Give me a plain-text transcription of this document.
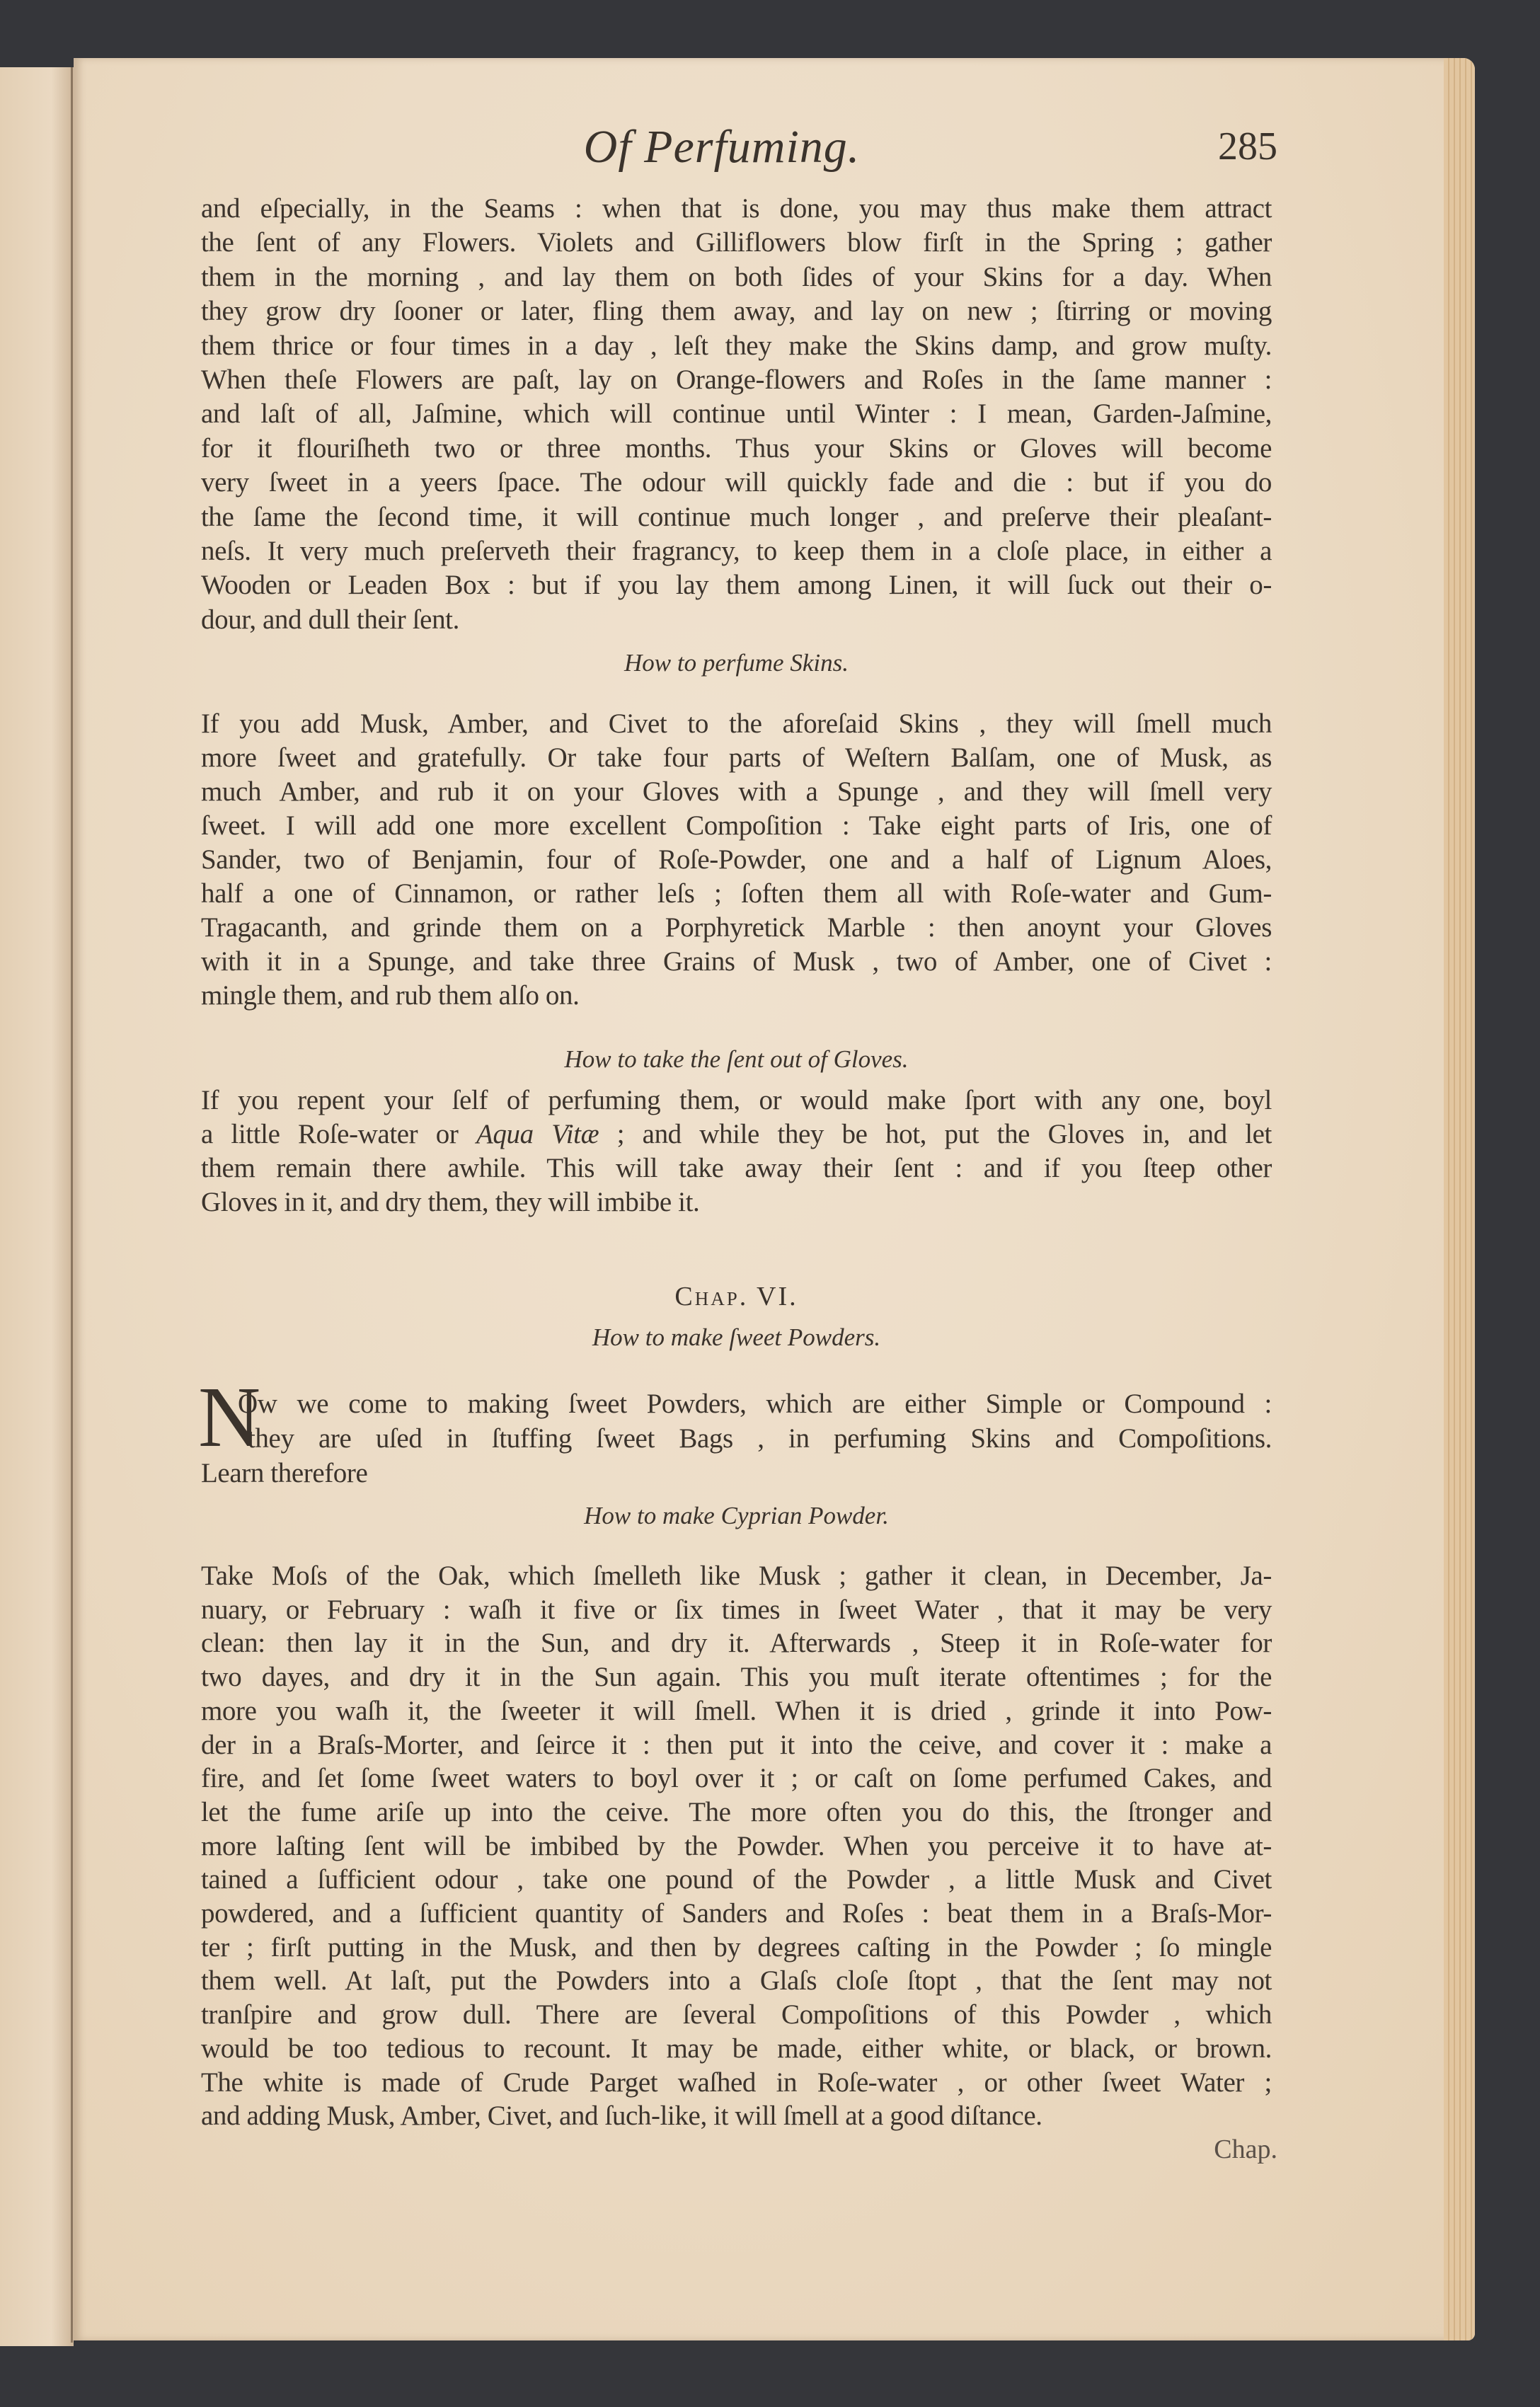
Of Perfuming.	285
How to perfume Skins.
How to take the ſent out of Gloves.
Chap. VI.
How to make ſweet Powders.
N
How to make Cyprian Powder.
Chap.
and eſpecially, in the Seams : when that is done, you may thus make them attract
the ſent of any Flowers. Violets and Gilliflowers blow firſt in the Spring ; gather
them in the morning , and lay them on both ſides of your Skins for a day. When
they grow dry ſooner or later, fling them away, and lay on new ; ſtirring or moving
them thrice or four times in a day , leſt they make the Skins damp, and grow muſty.
When theſe Flowers are paſt, lay on Orange-flowers and Roſes in the ſame manner :
and laſt of all, Jaſmine, which will continue until Winter : I mean, Garden-Jaſmine,
for it flouriſheth two or three months. Thus your Skins or Gloves will become
very ſweet in a yeers ſpace. The odour will quickly fade and die : but if you do
the ſame the ſecond time, it will continue much longer , and preſerve their pleaſant-
neſs. It very much preſerveth their fragrancy, to keep them in a cloſe place, in either a
Wooden or Leaden Box : but if you lay them among Linen, it will ſuck out their o-
dour, and dull their ſent.
If you add Musk, Amber, and Civet to the aforeſaid Skins , they will ſmell much
more ſweet and gratefully. Or take four parts of Weſtern Balſam, one of Musk, as
much Amber, and rub it on your Gloves with a Spunge , and they will ſmell very
ſweet. I will add one more excellent Compoſition : Take eight parts of Iris, one of
Sander, two of Benjamin, four of Roſe-Powder, one and a half of Lignum Aloes,
half a one of Cinnamon, or rather leſs ; ſoften them all with Roſe-water and Gum-
Tragacanth, and grinde them on a Porphyretick Marble : then anoynt your Gloves
with it in a Spunge, and take three Grains of Musk , two of Amber, one of Civet :
mingle them, and rub them alſo on.
If you repent your ſelf of perfuming them, or would make ſport with any one, boyl
a little Roſe-water or Aqua Vitæ ; and while they be hot, put the Gloves in, and let
them remain there awhile. This will take away their ſent : and if you ſteep other
Gloves in it, and dry them, they will imbibe it.
Ow we come to making ſweet Powders, which are either Simple or Compound :
they are uſed in ſtuffing ſweet Bags , in perfuming Skins and Compoſitions.
Learn therefore
Take Moſs of the Oak, which ſmelleth like Musk ; gather it clean, in December, Ja-
nuary, or February : waſh it five or ſix times in ſweet Water , that it may be very
clean: then lay it in the Sun, and dry it. Afterwards , Steep it in Roſe-water for
two dayes, and dry it in the Sun again. This you muſt iterate oftentimes ; for the
more you waſh it, the ſweeter it will ſmell. When it is dried , grinde it into Pow-
der in a Braſs-Morter, and ſeirce it : then put it into the ceive, and cover it : make a
fire, and ſet ſome ſweet waters to boyl over it ; or caſt on ſome perfumed Cakes, and
let the fume ariſe up into the ceive. The more often you do this, the ſtronger and
more laſting ſent will be imbibed by the Powder. When you perceive it to have at-
tained a ſufficient odour , take one pound of the Powder , a little Musk and Civet
powdered, and a ſufficient quantity of Sanders and Roſes : beat them in a Braſs-Mor-
ter ; firſt putting in the Musk, and then by degrees caſting in the Powder ; ſo mingle
them well. At laſt, put the Powders into a Glaſs cloſe ſtopt , that the ſent may not
tranſpire and grow dull. There are ſeveral Compoſitions of this Powder , which
would be too tedious to recount. It may be made, either white, or black, or brown.
The white is made of Crude Parget waſhed in Roſe-water , or other ſweet Water ;
and adding Musk, Amber, Civet, and ſuch-like, it will ſmell at a good diſtance.
